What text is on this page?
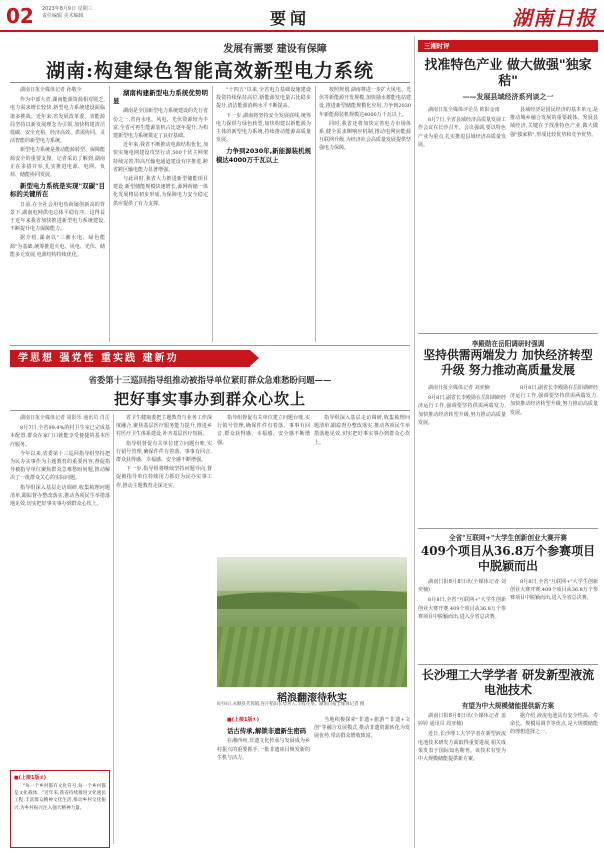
02 2023年8月9日 星期三
责任编辑 美术编辑	要闻	湖南日报
发展有需要 建设有保障
湖南:构建绿色智能高效新型电力系统
湖南日报全媒体记者 孙敬全

作为中部大省,湖南能源资源相对匮乏,电力需求增长较快,新型电力系统建设面临诸多挑战。近年来,省发展改革委、省能源局坚持以新发展理念为引领,加快构建清洁低碳、安全充裕、经济高效、供需协同、灵活智能的新型电力系统。

新型电力系统是推动能源转型、保障能源安全的重要支撑。记者采访了解到,湖南正在多措并举,扎实推进电源、电网、负荷、储能协同发展。

新型电力系统是实现"双碳"目标的关键所在

日前,在全社会用电负荷屡创新高的背景下,湖南电网供电总体平稳有序。这得益于近年来我省加快推进新型电力系统建设,不断提升电力保障能力。

据介绍,湖南以"三湘水电、绿色能源"为基础,统筹推进火电、风电、光伏、储能多元发展,电源结构持续优化。

湖南构建新型电力系统优势明显

湖南是全国新型电力系统建设的先行省份之一,省内水电、风电、光伏资源较为丰富,全省可再生能源装机占比逐年提升,为构建新型电力系统奠定了良好基础。

近年来,我省不断推动电源结构优化,加快实施电网建设攻坚行动,500千伏主网架持续完善,特高压输电通道建设有序推进,跨省跨区输电能力显著增强。

与此同时,我省大力推进新型储能项目建设,新型储能规模快速增长,源网荷储一体化发展格局初步形成,为保障电力安全稳定供应提供了有力支撑。

"十四五"以来,全省电力基础设施建设投资持续保持高位,新能源发电量占比稳步提升,清洁能源消纳水平不断提高。

下一步,湖南将坚持安全发展底线,统筹电力保供与绿色转型,加快构建以新能源为主体的新型电力系统,持续推动能源高质量发展。

力争到2030年,新能源装机规模达4000万千瓦以上

按照规划,湖南将进一步扩大风电、光伏等新能源开发规模,加快抽水蓄能电站建设,推进新型储能规模化应用,力争到2030年新能源装机规模达4000万千瓦以上。

同时,我省还将加快完善电力市场体系,健全需求侧响应机制,推动电网向能源互联网升级,为经济社会高质量发展提供坚强电力保障。

学思想 强党性 重实践 建新功
省委第十三巡回指导组推动被指导单位紧盯群众急难愁盼问题——
把好事实事办到群众心坎上
湖南日报全媒体记者 周阳乐 通讯员 肖岳

8月7日,全省99.4%的村卫生室已完成基本配置,群众在家门口就能享受便捷的基本医疗服务。

今年以来,省委第十三巡回指导组坚持把为民办实事作为主题教育的重要内容,督促指导被指导单位聚焦群众急难愁盼问题,推动解决了一批群众关心的实际问题。

指导组深入基层走访调研,收集梳理问题清单,跟踪督办整改落实,推动各项民生举措落地见效,切实把好事实事办到群众心坎上。

省卫生健康委把主题教育与业务工作深度融合,聚焦基层医疗服务能力提升,推进乡村医疗卫生体系建设,补齐基层医疗短板。

指导组督促有关单位建立问题台账,实行销号管理,确保件件有着落、事事有回音,群众获得感、幸福感、安全感不断增强。

下一步,指导组将继续坚持问题导向,督促被指导单位持续用力抓好为民办实事工作,推动主题教育走深走实。

指导组督促有关单位建立问题台账,实行销号管理,确保件件有着落、事事有回音,群众获得感、幸福感、安全感不断增强。

指导组深入基层走访调研,收集梳理问题清单,跟踪督办整改落实,推动各项民生举措落地见效,切实把好事实事办到群众心坎上。

稻浪翻滚待秋实
8月8日,永顺县芙蓉镇,连片稻田长势喜人,丰收在望。湖南日报全媒体记者 摄
■(上接1版①)
话古传承,解锁非遗新生密码

在湘西州,非遗文化传承与发展成为乡村振兴的重要抓手,一批非遗项目焕发新的生机与活力。

当地积极探索"非遗+旅游""非遗+文创"等融合发展模式,推动非遗资源转化为发展优势,带动群众增收致富。

■(上接1版②)
"每一个乡村都有文化符号,每一个乡村都是文化载体。"近年来,我省持续推进文化惠民工程,丰富群众精神文化生活,推动乡村文化振兴,为乡村振兴注入强大精神力量。
三湘时评
找准特色产业 做大做强"独家秸"
——发展县域经济系列谈之一
湖南日报全媒体评论员 欧阳金雨

8月7日,全省县域经济高质量发展工作会议在长沙召开。会议强调,要以特色产业为重点,扎实推进县域经济高质量发展。

县域经济是国民经济的基本单元,是推动城乡融合发展的重要载体。发展县域经济,关键在于找准特色产业,做大做强"独家秸",形成比较优势和竞争优势。

李殿勋在岳阳调研时强调
坚持供需两端发力 加快经济转型升级 努力推动高质量发展
湖南日报全媒体记者 刘奕楠

8月8日,副省长李殿勋在岳阳调研经济运行工作,强调要坚持供需两端发力,加快推动经济转型升级,努力推动高质量发展。

8月8日,副省长李殿勋在岳阳调研经济运行工作,强调要坚持供需两端发力,加快推动经济转型升级,努力推动高质量发展。

全省"互联网+"大学生创新创业大赛开赛
409个项目从36.8万个参赛项目中脱颖而出
湖南日报8月8日讯(全媒体记者 刘奕楠)

8月8日,全省"互联网+"大学生创新创业大赛开赛,409个项目从36.8万个参赛项目中脱颖而出,进入全省总决赛。

8月8日,全省"互联网+"大学生创新创业大赛开赛,409个项目从36.8万个参赛项目中脱颖而出,进入全省总决赛。

长沙理工大学学者 研发新型液流电池技术
有望为中大规模储能提供新方案
湖南日报8月8日讯(全媒体记者 姜婷婷 通讯员 周亚楠)

近日,长沙理工大学学者在新型液流电池技术研发方面取得重要进展,相关成果发表于国际知名期刊。该技术有望为中大规模储能提供新方案。

据介绍,液流电池具有安全性高、寿命长、规模易调节等优点,是大规模储能的理想选择之一。
